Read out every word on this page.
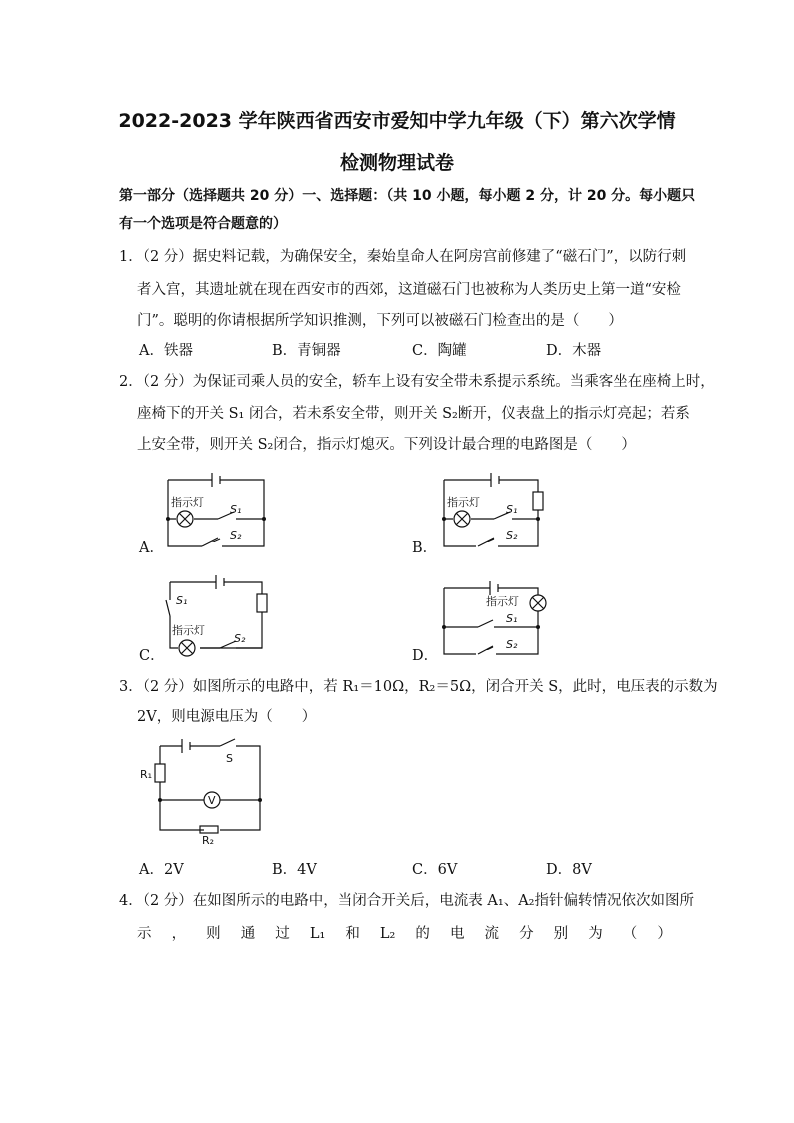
2022-2023 学年陕西省西安市爱知中学九年级（下）第六次学情
检测物理试卷
第一部分（选择题共 20 分）一、选择题：（共 10 小题，每小题 2 分，计 20 分。每小题只
有一个选项是符合题意的）
1．（2 分）据史料记载，为确保安全，秦始皇命人在阿房宫前修建了“磁石门”，以防行刺
者入宫，其遗址就在现在西安市的西郊，这道磁石门也被称为人类历史上第一道“安检
门”。聪明的你请根据所学知识推测，下列可以被磁石门检查出的是（　　）
A．铁器	B．青铜器	C．陶罐	D．木器
2．（2 分）为保证司乘人员的安全，轿车上设有安全带未系提示系统。当乘客坐在座椅上时，
座椅下的开关 S₁ 闭合，若未系安全带，则开关 S₂断开，仪表盘上的指示灯亮起；若系
上安全带，则开关 S₂闭合，指示灯熄灭。下列设计最合理的电路图是（　　）
A．
指示灯
S₁
S₂
B．
指示灯
S₁
S₂
C．
S₁
指示灯
S₂
D．
指示灯
S₁
S₂
3．（2 分）如图所示的电路中，若 R₁＝10Ω，R₂＝5Ω，闭合开关 S，此时，电压表的示数为
2V，则电源电压为（　　）
V
S
R₁
R₂
A．2V	B．4V	C．6V	D．8V
4．（2 分）在如图所示的电路中，当闭合开关后，电流表 A₁、A₂指针偏转情况依次如图所
示 ， 则 通 过 L₁ 和 L₂ 的 电 流 分 别 为 （ ）
